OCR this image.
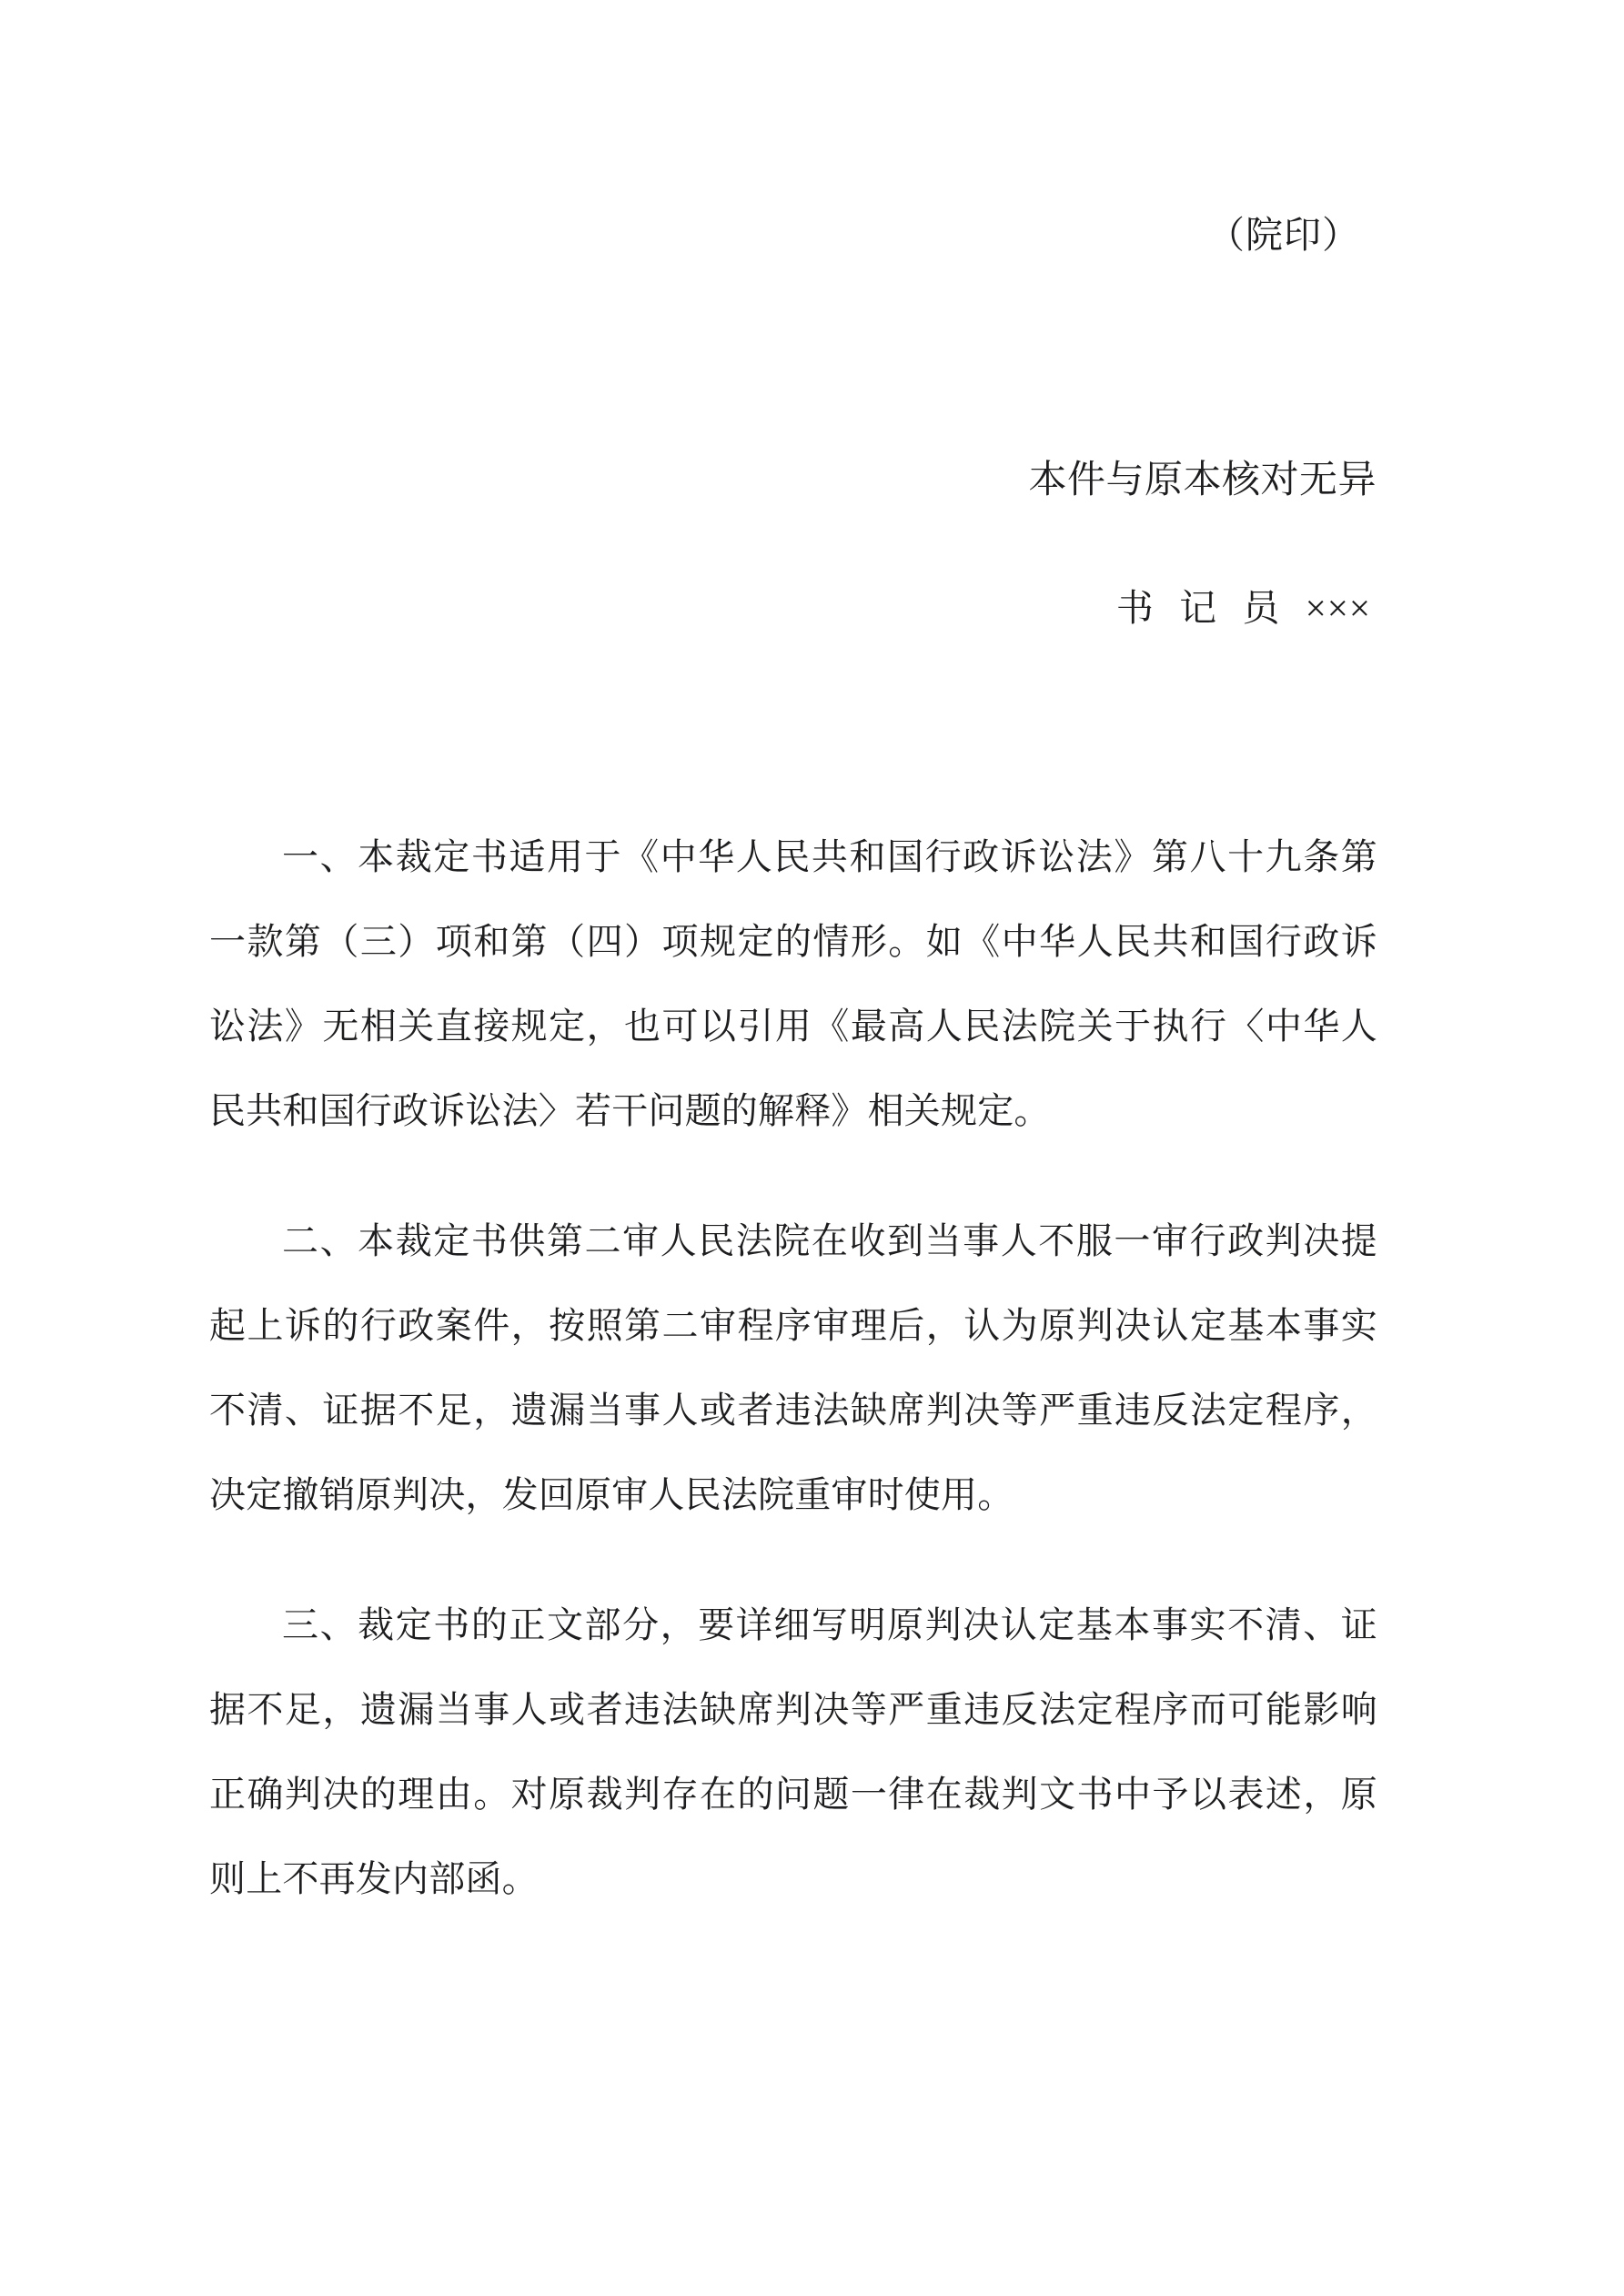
（院印）
本件与原本核对无异
书 记 员 ×××

一、本裁定书适用于《中华人民共和国行政诉讼法》第八十九条第一款第（三）项和第（四）项规定的情形。如《中华人民共和国行政诉讼法》无相关直接规定，也可以引用《最高人民法院关于执行〈中华人民共和国行政诉讼法〉若干问题的解释》相关规定。

二、本裁定书供第二审人民法院在收到当事人不服一审行政判决提起上诉的行政案件，按照第二审程序审理后，认为原判决认定基本事实不清、证据不足，遗漏当事人或者违法缺席判决等严重违反法定程序，决定撤销原判决，发回原审人民法院重审时使用。

三、裁定书的正文部分，要详细写明原判决认定基本事实不清、证据不足，遗漏当事人或者违法缺席判决等严重违反法定程序而可能影响正确判决的理由。对原裁判存在的问题一律在裁判文书中予以表述，原则上不再发内部函。
